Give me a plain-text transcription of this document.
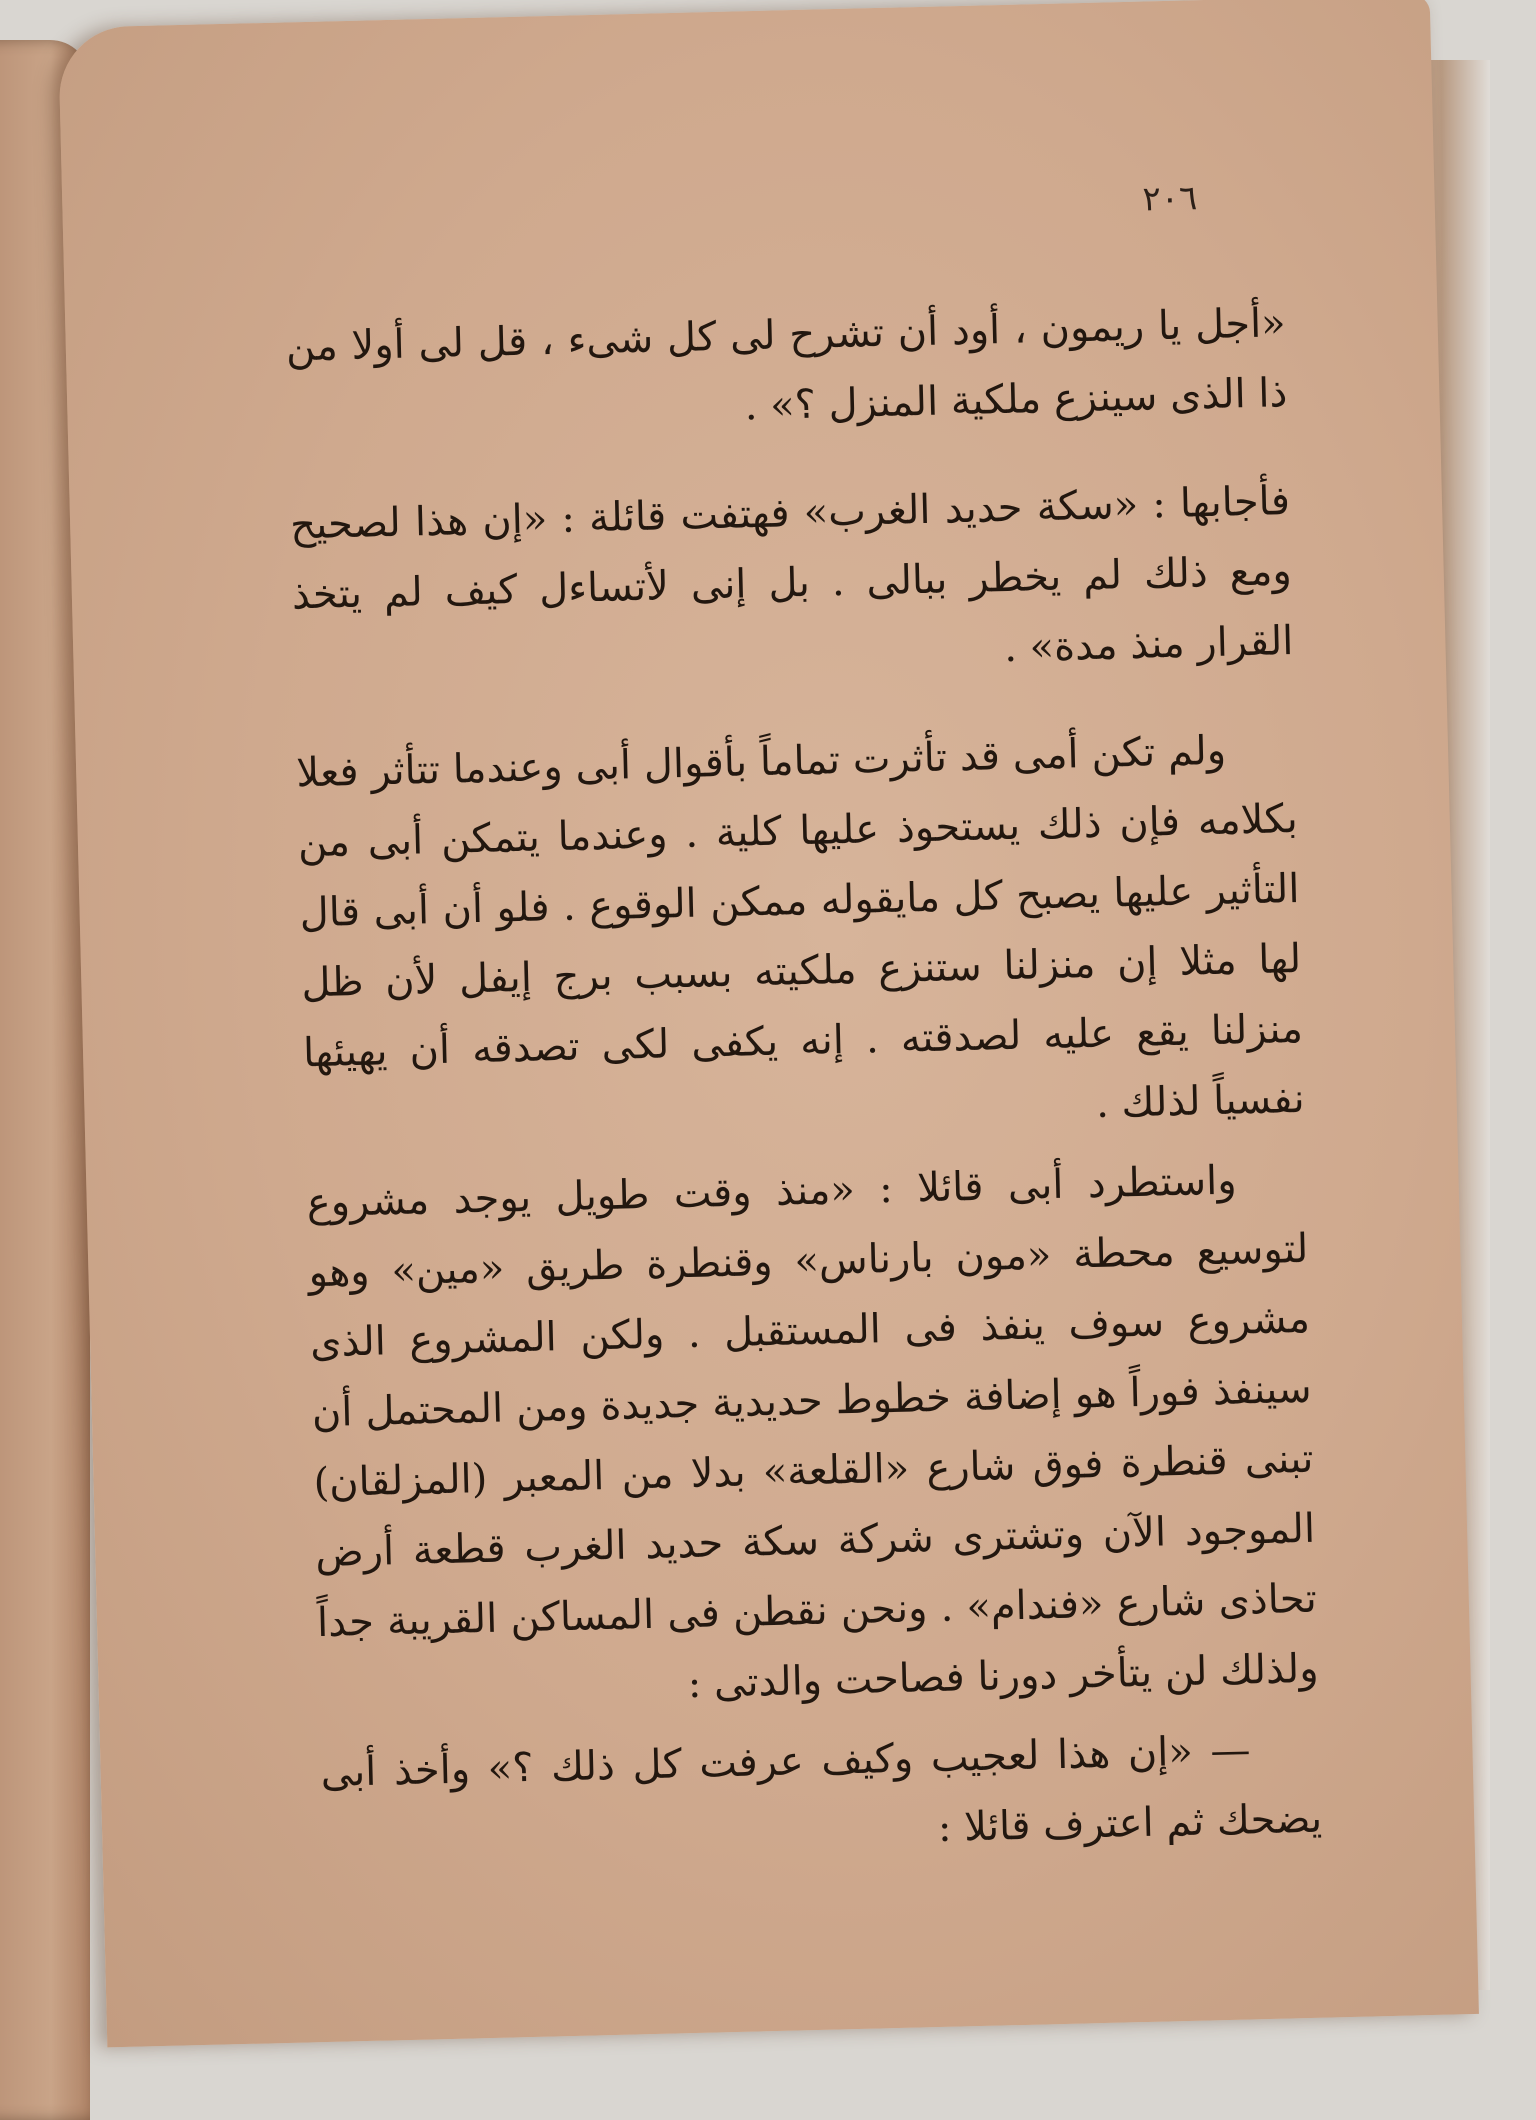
٢٠٦

«أجل يا ريمون ، أود أن تشرح لى كل شىء ، قل لى أولا من ذا الذى سينزع ملكية المنزل ؟» .

فأجابها : «سكة حديد الغرب» فهتفت قائلة : «إن هذا لصحيح ومع ذلك لم يخطر ببالى . بل إنى لأتساءل كيف لم يتخذ القرار منذ مدة» .

ولم تكن أمى قد تأثرت تماماً بأقوال أبى وعندما تتأثر فعلا بكلامه فإن ذلك يستحوذ عليها كلية . وعندما يتمكن أبى من التأثير عليها يصبح كل مايقوله ممكن الوقوع . فلو أن أبى قال لها مثلا إن منزلنا ستنزع ملكيته بسبب برج إيفل لأن ظل منزلنا يقع عليه لصدقته . إنه يكفى لكى تصدقه أن يهيئها نفسياً لذلك .

واستطرد أبى قائلا : «منذ وقت طويل يوجد مشروع لتوسيع محطة «مون بارناس» وقنطرة طريق «مين» وهو مشروع سوف ينفذ فى المستقبل . ولكن المشروع الذى سينفذ فوراً هو إضافة خطوط حديدية جديدة ومن المحتمل أن تبنى قنطرة فوق شارع «القلعة» بدلا من المعبر (المزلقان) الموجود الآن وتشترى شركة سكة حديد الغرب قطعة أرض تحاذى شارع «فندام» . ونحن نقطن فى المساكن القريبة جداً ولذلك لن يتأخر دورنا فصاحت والدتى :

— «إن هذا لعجيب وكيف عرفت كل ذلك ؟» وأخذ أبى يضحك ثم اعترف قائلا :
